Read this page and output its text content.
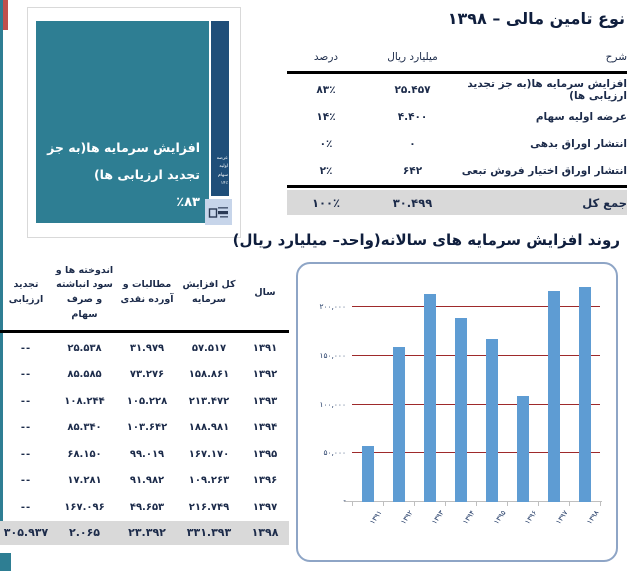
افزایش سرمایه ها(به جز تجدید ارزیابی ها)
٪۸۳
عرضه اولیه
سهام
۱۴٪
نوع تامین مالی – ۱۳۹۸
شرح
میلیارد ریال
درصد
افزایش سرمایه ها(به جز تجدید ارزیابی ها)
۲۵.۴۵۷
۸۳٪
عرضه اولیه سهام
۴.۴۰۰
۱۴٪
انتشار اوراق بدهی
۰
۰٪
انتشار اوراق اختیار فروش تبعی
۶۴۲
۲٪
جمع کل
۳۰.۴۹۹
۱۰۰٪
روند افزایش سرمایه های سالانه(واحد– میلیارد ریال)
۱۳۹۱ ۱۳۹۲ ۱۳۹۳ ۱۳۹۴ ۱۳۹۵ ۱۳۹۶ ۱۳۹۷ ۱۳۹۸
۵۰,۰۰۰
۱۰۰,۰۰۰
۱۵۰,۰۰۰
۲۰۰,۰۰۰
-
سال
کل افزایش سرمایه
مطالبات و آورده نقدی
اندوخته ها و سود انباشته و صرف سهام
تجدید ارزیابی
۱۳۹۱
۵۷.۵۱۷
۳۱.۹۷۹
۲۵.۵۳۸
--
۱۳۹۲
۱۵۸.۸۶۱
۷۳.۲۷۶
۸۵.۵۸۵
--
۱۳۹۳
۲۱۳.۴۷۲
۱۰۵.۲۲۸
۱۰۸.۲۴۴
--
۱۳۹۴
۱۸۸.۹۸۱
۱۰۳.۶۴۲
۸۵.۳۴۰
--
۱۳۹۵
۱۶۷.۱۷۰
۹۹.۰۱۹
۶۸.۱۵۰
--
۱۳۹۶
۱۰۹.۲۶۳
۹۱.۹۸۲
۱۷.۲۸۱
--
۱۳۹۷
۲۱۶.۷۴۹
۴۹.۶۵۳
۱۶۷.۰۹۶
--
۱۳۹۸
۳۳۱.۳۹۳
۲۳.۳۹۲
۲.۰۶۵
۳۰۵.۹۳۷
